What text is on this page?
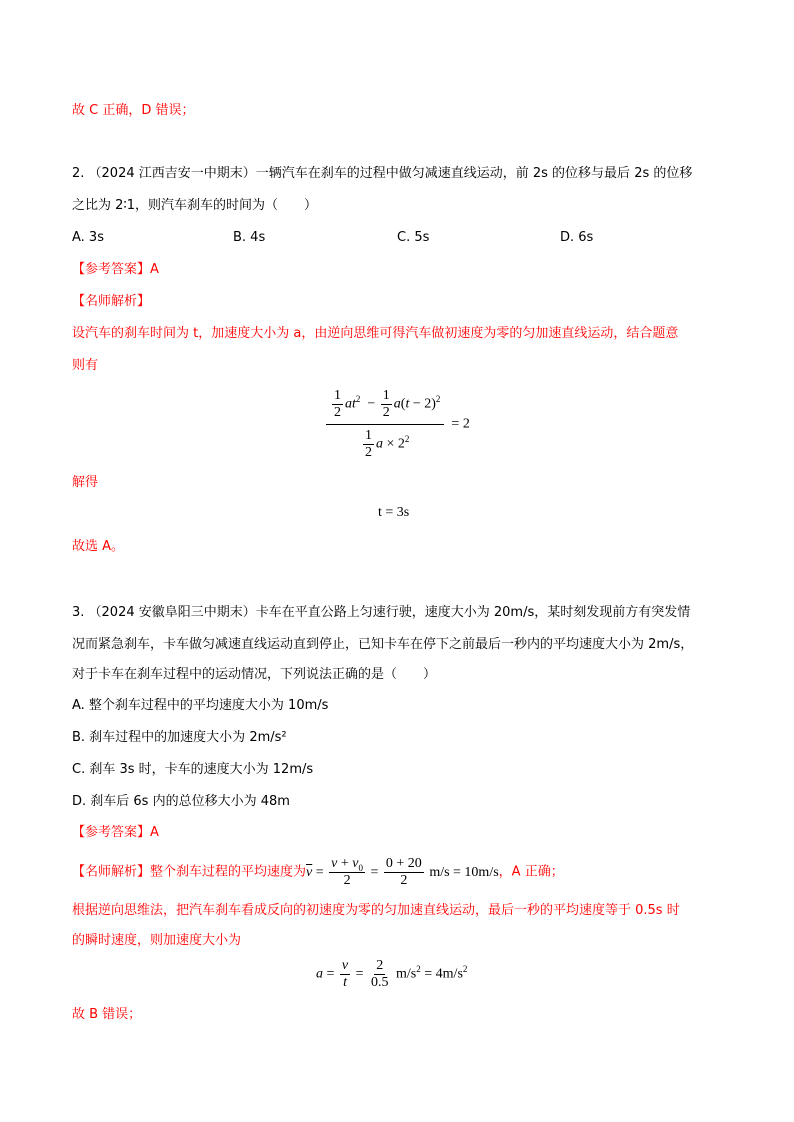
故 C 正确，D 错误；
2. （2024 江西吉安一中期末）一辆汽车在刹车的过程中做匀减速直线运动，前 2s 的位移与最后 2s 的位移
之比为 2∶1，则汽车刹车的时间为（　　）
A. 3s	B. 4s	C. 5s	D. 6s
【参考答案】A
【名师解析】
设汽车的刹车时间为 t，加速度大小为 a，由逆向思维可得汽车做初速度为零的匀加速直线运动，结合题意
则有
$\frac{\frac{1}{2} at^2 - \frac{1}{2} a(t - 2)^2}{\frac{1}{2} a \times 2^2} = 2$
解得
t = 3s
故选 A。
3. （2024 安徽阜阳三中期末）卡车在平直公路上匀速行驶，速度大小为 20m/s，某时刻发现前方有突发情
况而紧急刹车，卡车做匀减速直线运动直到停止，已知卡车在停下之前最后一秒内的平均速度大小为 2m/s，
对于卡车在刹车过程中的运动情况，下列说法正确的是（　　）
A. 整个刹车过程中的平均速度大小为 10m/s
B. 刹车过程中的加速度大小为 2m/s²
C. 刹车 3s 时，卡车的速度大小为 12m/s
D. 刹车后 6s 内的总位移大小为 48m
【参考答案】A
【名师解析】整个刹车过程的平均速度为$\overline{v} = \frac{v + v_0}{2} = \frac{0 + 20}{2} m/s = 10m/s$，A 正确；
根据逆向思维法，把汽车刹车看成反向的初速度为零的匀加速直线运动，最后一秒的平均速度等于 0.5s 时
的瞬时速度，则加速度大小为
$a = \frac{v}{t} = \frac{2}{0.5} m/s^2 = 4m/s^2$
故 B 错误；
